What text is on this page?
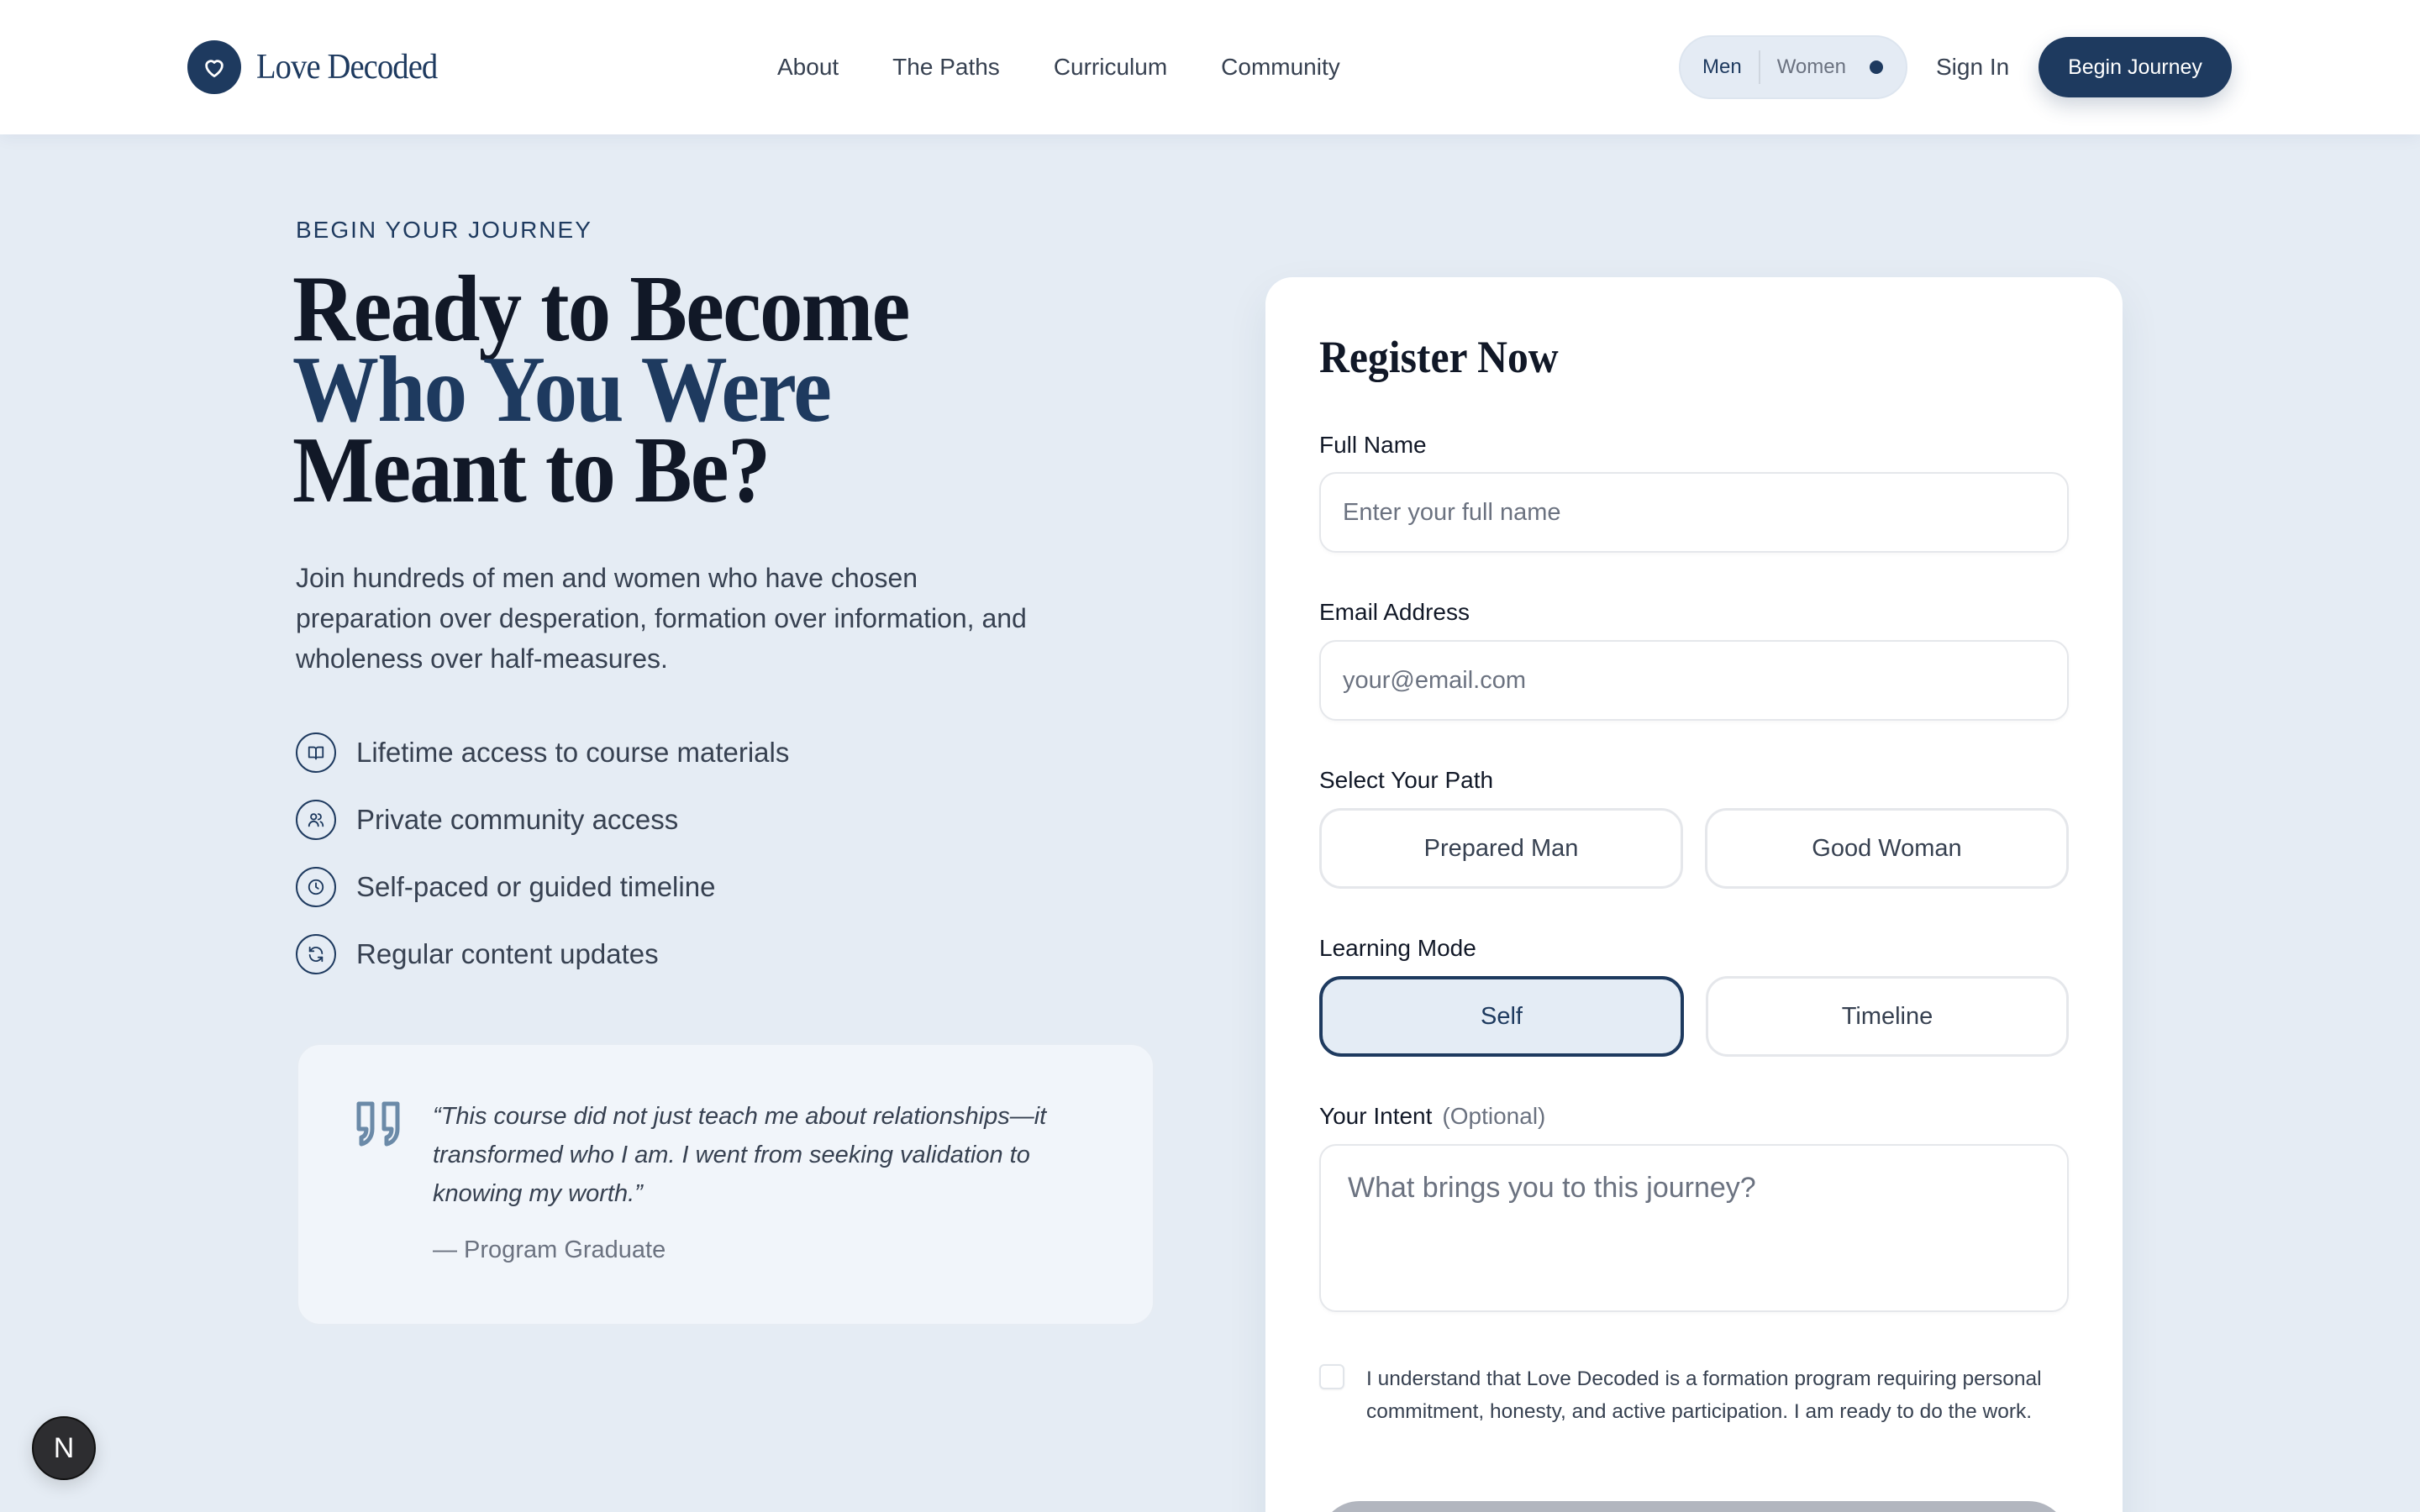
Love Decoded	About The Paths Curriculum Community	Men Women	Sign In	Begin Journey
BEGIN YOUR JOURNEY
Ready to Become
Who You Were
Meant to Be?

Join hundreds of men and women who have chosen preparation over desperation, formation over information, and wholeness over half-measures.

Lifetime access to course materials
Private community access
Self-paced or guided timeline
Regular content updates

“This course did not just teach me about relationships—it transformed who I am. I went from seeking validation to knowing my worth.”

— Program Graduate

Register Now
Full Name
Enter your full name
Email Address
your@email.com
Select Your Path
Prepared Man	Good Woman
Learning Mode
Self	Timeline
Your Intent (Optional)
What brings you to this journey?
I understand that Love Decoded is a formation program requiring personal commitment, honesty, and active participation. I am ready to do the work.
N
